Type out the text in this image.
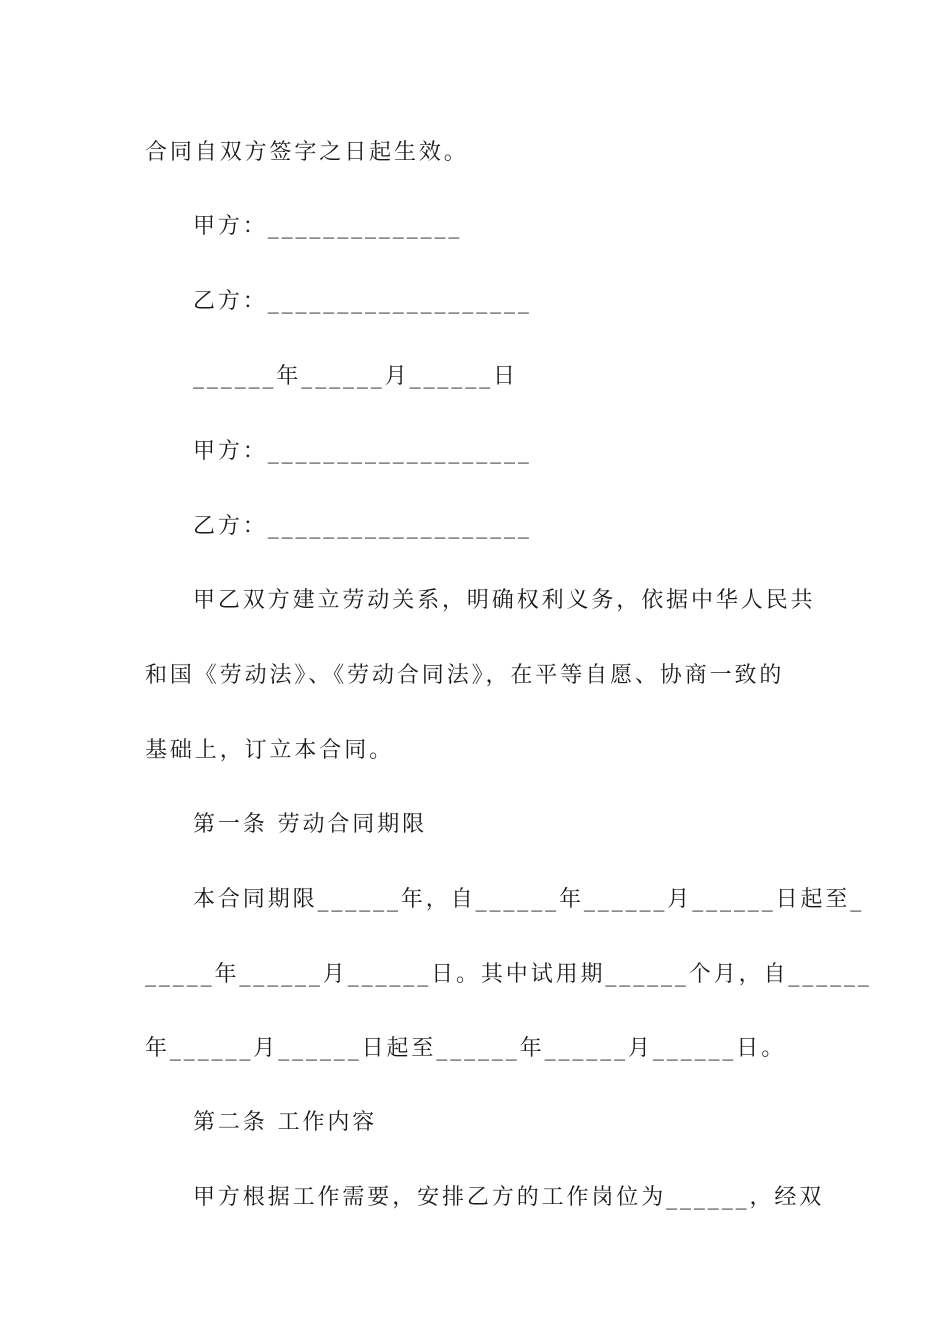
合同自双方签字之日起生效。
甲方：______________
乙方：___________________
______年______月______日
甲方：___________________
乙方：___________________
甲乙双方建立劳动关系，明确权利义务，依据中华人民共
和国《劳动法》、《劳动合同法》，在平等自愿、协商一致的
基础上，订立本合同。
第一条 劳动合同期限
本合同期限______年，自______年______月______日起至_
_____年______月______日。其中试用期______个月，自______
年______月______日起至______年______月______日。
第二条 工作内容
甲方根据工作需要，安排乙方的工作岗位为______，经双
